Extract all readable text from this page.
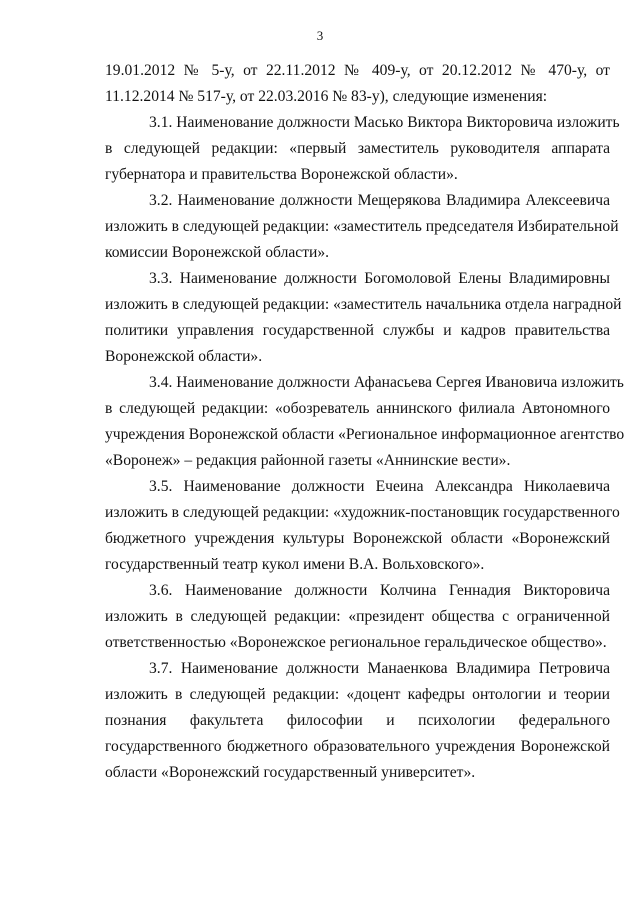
3
19.01.2012 № 5-у, от 22.11.2012 № 409-у, от 20.12.2012 № 470-у, от
11.12.2014 № 517-у, от 22.03.2016 № 83-у), следующие изменения:
3.1. Наименование должности Масько Виктора Викторовича изложить
в следующей редакции: «первый заместитель руководителя аппарата
губернатора и правительства Воронежской области».
3.2. Наименование должности Мещерякова Владимира Алексеевича
изложить в следующей редакции: «заместитель председателя Избирательной
комиссии Воронежской области».
3.3. Наименование должности Богомоловой Елены Владимировны
изложить в следующей редакции: «заместитель начальника отдела наградной
политики управления государственной службы и кадров правительства
Воронежской области».
3.4. Наименование должности Афанасьева Сергея Ивановича изложить
в следующей редакции: «обозреватель аннинского филиала Автономного
учреждения Воронежской области «Региональное информационное агентство
«Воронеж» – редакция районной газеты «Аннинские вести».
3.5. Наименование должности Ечеина Александра Николаевича
изложить в следующей редакции: «художник-постановщик государственного
бюджетного учреждения культуры Воронежской области «Воронежский
государственный театр кукол имени В.А. Вольховского».
3.6. Наименование должности Колчина Геннадия Викторовича
изложить в следующей редакции: «президент общества с ограниченной
ответственностью «Воронежское региональное геральдическое общество».
3.7. Наименование должности Манаенкова Владимира Петровича
изложить в следующей редакции: «доцент кафедры онтологии и теории
познания факультета философии и психологии федерального
государственного бюджетного образовательного учреждения Воронежской
области «Воронежский государственный университет».
